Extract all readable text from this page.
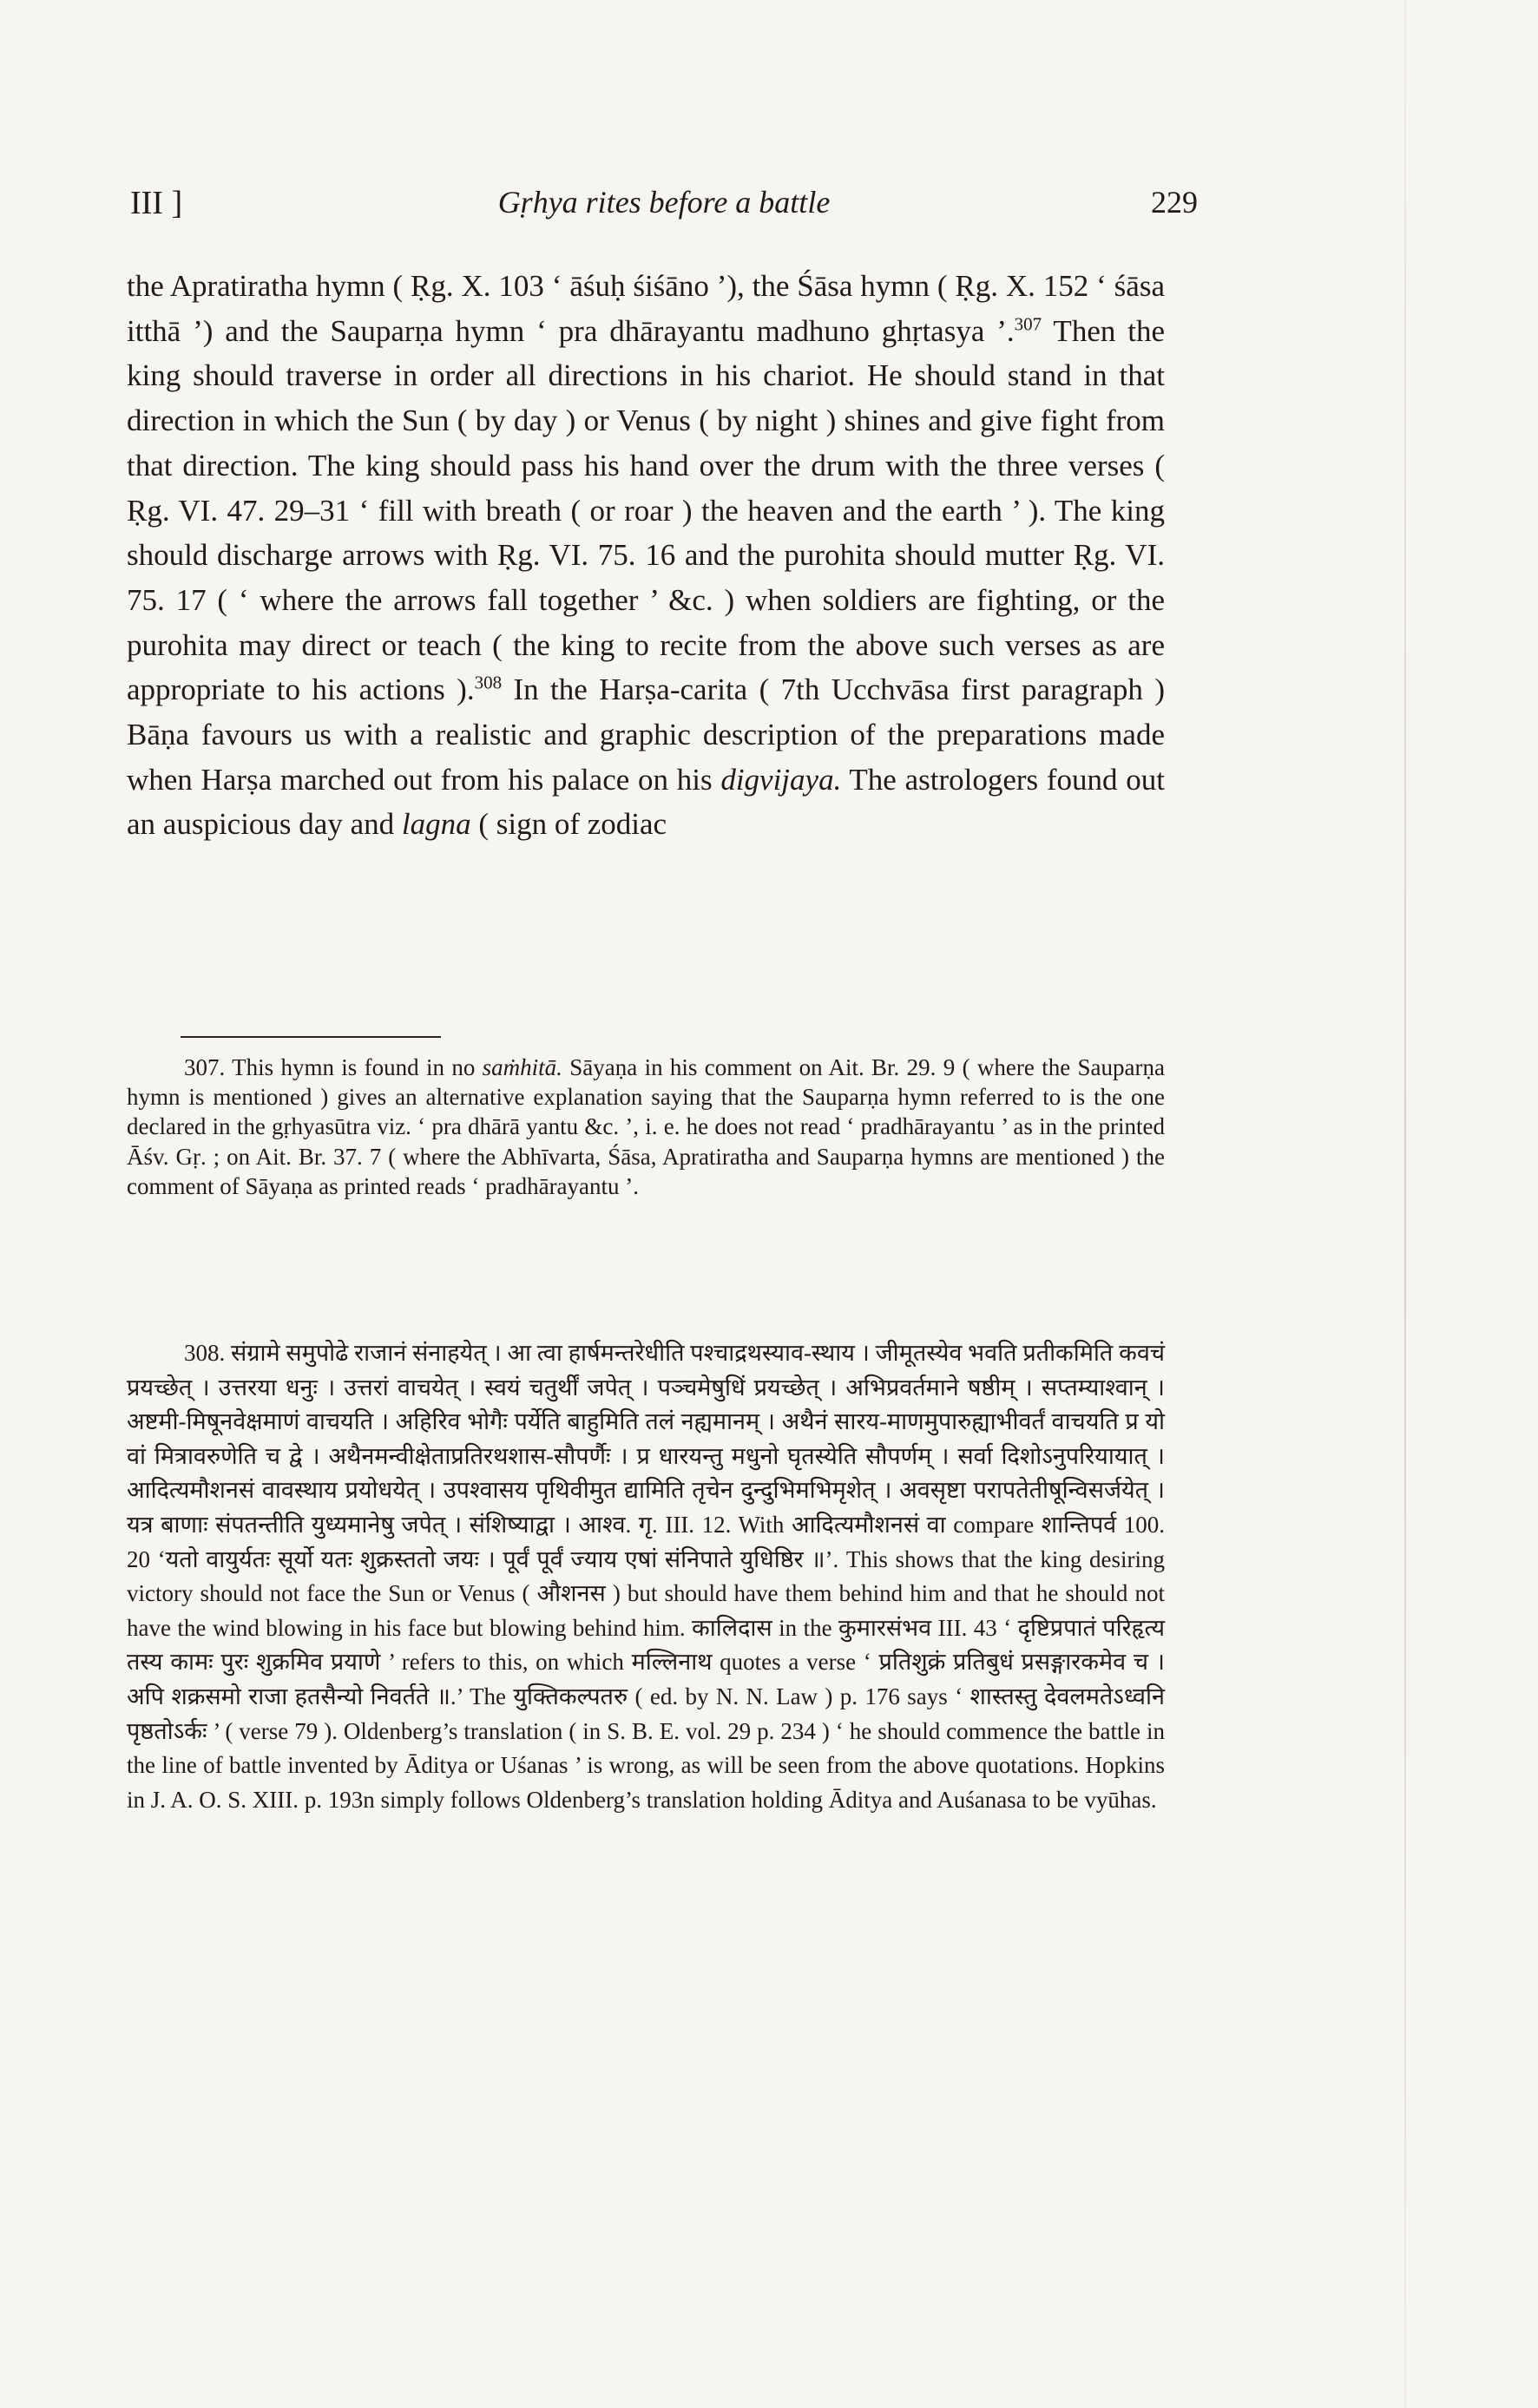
III ]	Gṛhya rites before a battle	229

the Apratiratha hymn ( Ṛg. X. 103 ‘ āśuḥ śiśāno ’), the Śāsa hymn ( Ṛg. X. 152 ‘ śāsa itthā ’) and the Sauparṇa hymn ‘ pra dhārayantu madhuno ghṛtasya ’.$^{307}$ Then the king should traverse in order all directions in his chariot. He should stand in that direction in which the Sun ( by day ) or Venus ( by night ) shines and give fight from that direction. The king should pass his hand over the drum with the three verses ( Ṛg. VI. 47. 29–31 ‘ fill with breath ( or roar ) the heaven and the earth ’ ). The king should discharge arrows with Ṛg. VI. 75. 16 and the purohita should mutter Ṛg. VI. 75. 17 ( ‘ where the arrows fall together ’ &c. ) when soldiers are fighting, or the purohita may direct or teach ( the king to recite from the above such verses as are appropriate to his actions ).$^{308}$ In the Harṣa-carita ( 7th Ucchvāsa first paragraph ) Bāṇa favours us with a realistic and graphic description of the preparations made when Harṣa marched out from his palace on his digvijaya. The astrologers found out an auspicious day and lagna ( sign of zodiac

307. This hymn is found in no saṁhitā. Sāyaṇa in his comment on Ait. Br. 29. 9 ( where the Sauparṇa hymn is mentioned ) gives an alternative explanation saying that the Sauparṇa hymn referred to is the one declared in the gṛhyasūtra viz. ‘ pra dhārā yantu &c. ’, i. e. he does not read ‘ pradhārayantu ’ as in the printed Āśv. Gṛ. ; on Ait. Br. 37. 7 ( where the Abhīvarta, Śāsa, Apratiratha and Sauparṇa hymns are mentioned ) the comment of Sāyaṇa as printed reads ‘ pradhārayantu ’.

308. संग्रामे समुपोढे राजानं संनाहयेत् । आ त्वा हार्षमन्तरेधीति पश्चाद्रथस्याव-स्थाय । जीमूतस्येव भवति प्रतीकमिति कवचं प्रयच्छेत् । उत्तरया धनुः । उत्तरां वाचयेत् । स्वयं चतुर्थीं जपेत् । पञ्चमेषुधिं प्रयच्छेत् । अभिप्रवर्तमाने षष्ठीम् । सप्तम्याश्वान् । अष्टमी-मिषूनवेक्षमाणं वाचयति । अहिरिव भोगैः पर्येति बाहुमिति तलं नह्यमानम् । अथैनं सारय-माणमुपारुह्याभीवर्तं वाचयति प्र यो वां मित्रावरुणेति च द्वे । अथैनमन्वीक्षेताप्रतिरथशास-सौपर्णैः । प्र धारयन्तु मधुनो घृतस्येति सौपर्णम् । सर्वा दिशोऽनुपरियायात् । आदित्यमौशनसं वावस्थाय प्रयोधयेत् । उपश्वासय पृथिवीमुत द्यामिति तृचेन दुन्दुभिमभिमृशेत् । अवसृष्टा परापतेतीषून्विसर्जयेत् । यत्र बाणाः संपतन्तीति युध्यमानेषु जपेत् । संशिष्याद्वा । आश्व. गृ. III. 12. With आदित्यमौशनसं वा compare शान्तिपर्व 100. 20 ‘यतो वायुर्यतः सूर्यो यतः शुक्रस्ततो जयः । पूर्वं पूर्वं ज्याय एषां संनिपाते युधिष्ठिर ॥’. This shows that the king desiring victory should not face the Sun or Venus ( औशनस ) but should have them behind him and that he should not have the wind blowing in his face but blowing behind him. कालिदास in the कुमारसंभव III. 43 ‘ दृष्टिप्रपातं परिहृत्य तस्य कामः पुरः शुक्रमिव प्रयाणे ’ refers to this, on which मल्लिनाथ quotes a verse ‘ प्रतिशुक्रं प्रतिबुधं प्रसङ्गारकमेव च । अपि शक्रसमो राजा हतसैन्यो निवर्तते ॥.’ The युक्तिकल्पतरु ( ed. by N. N. Law ) p. 176 says ‘ शास्तस्तु देवलमतेऽध्वनि पृष्ठतोऽर्कः ’ ( verse 79 ). Oldenberg’s translation ( in S. B. E. vol. 29 p. 234 ) ‘ he should commence the battle in the line of battle invented by Āditya or Uśanas ’ is wrong, as will be seen from the above quotations. Hopkins in J. A. O. S. XIII. p. 193n simply follows Oldenberg’s translation holding Āditya and Auśanasa to be vyūhas.
